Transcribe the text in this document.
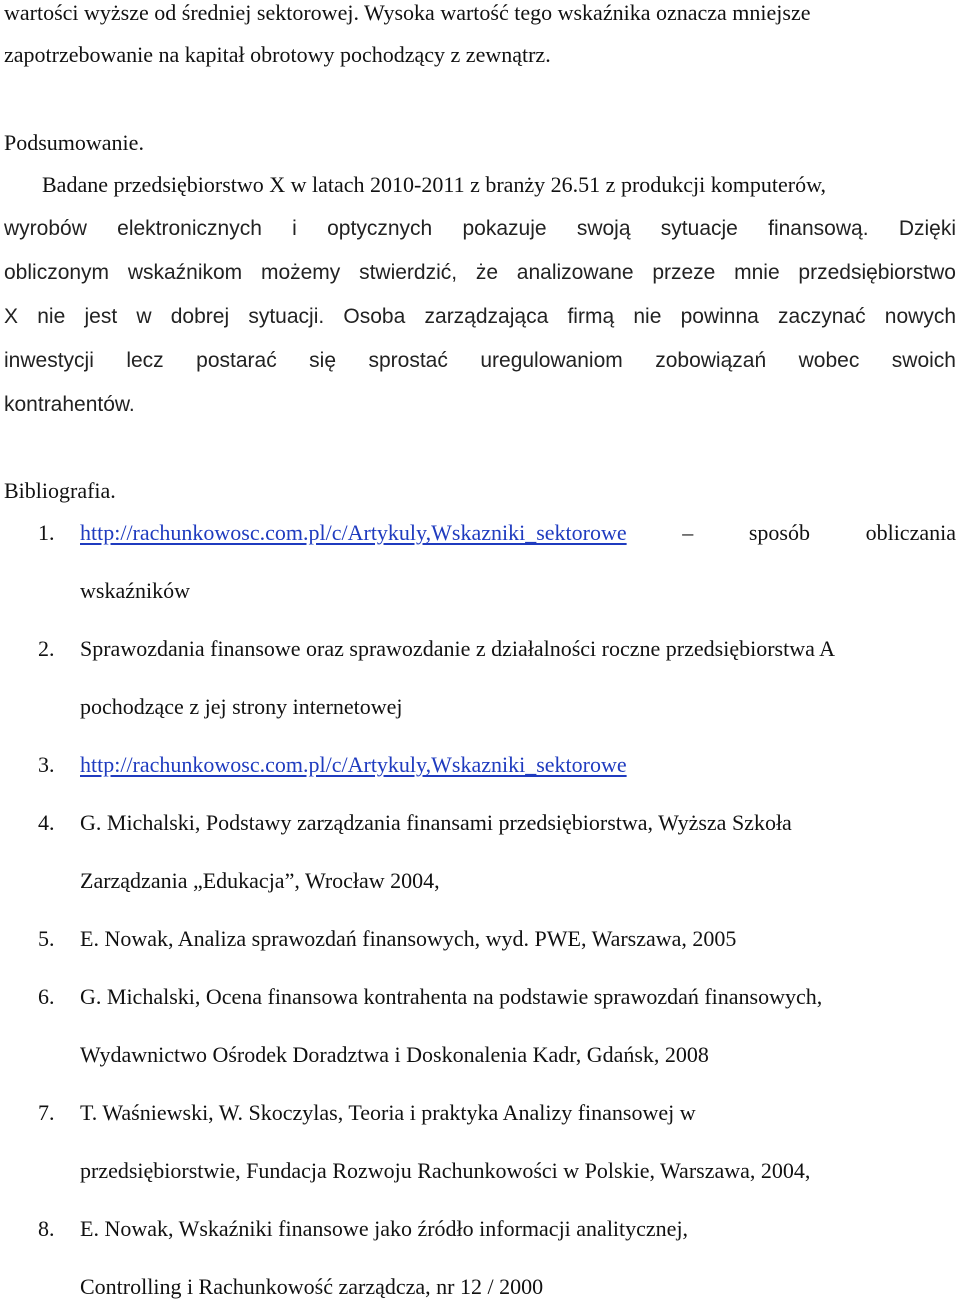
wartości wyższe od średniej sektorowej. Wysoka wartość tego wskaźnika oznacza mniejsze
zapotrzebowanie na kapitał obrotowy pochodzący z zewnątrz.
Podsumowanie.
Badane przedsiębiorstwo X w latach 2010-2011 z branży 26.51 z produkcji komputerów,
wyrobów elektronicznych i optycznych pokazuje swoją sytuacje finansową. Dzięki
obliczonym wskaźnikom możemy stwierdzić, że analizowane przeze mnie przedsiębiorstwo
X nie jest w dobrej sytuacji. Osoba zarządzająca firmą nie powinna zaczynać nowych
inwestycji lecz postarać się sprostać uregulowaniom zobowiązań wobec swoich
kontrahentów.
Bibliografia.
1. http://rachunkowosc.com.pl/c/Artykuly,Wskazniki_sektorowe	–	sposób	obliczania
wskaźników
2. Sprawozdania finansowe oraz sprawozdanie z działalności roczne przedsiębiorstwa A
pochodzące z jej strony internetowej
3. http://rachunkowosc.com.pl/c/Artykuly,Wskazniki_sektorowe
4. G. Michalski, Podstawy zarządzania finansami przedsiębiorstwa, Wyższa Szkoła
Zarządzania „Edukacja”, Wrocław 2004,
5. E. Nowak, Analiza sprawozdań finansowych, wyd. PWE, Warszawa, 2005
6. G. Michalski, Ocena finansowa kontrahenta na podstawie sprawozdań finansowych,
Wydawnictwo Ośrodek Doradztwa i Doskonalenia Kadr, Gdańsk, 2008
7. T. Waśniewski, W. Skoczylas, Teoria i praktyka Analizy finansowej w
przedsiębiorstwie, Fundacja Rozwoju Rachunkowości w Polskie, Warszawa, 2004,
8. E. Nowak, Wskaźniki finansowe jako źródło informacji analitycznej,
Controlling i Rachunkowość zarządcza, nr 12 / 2000
